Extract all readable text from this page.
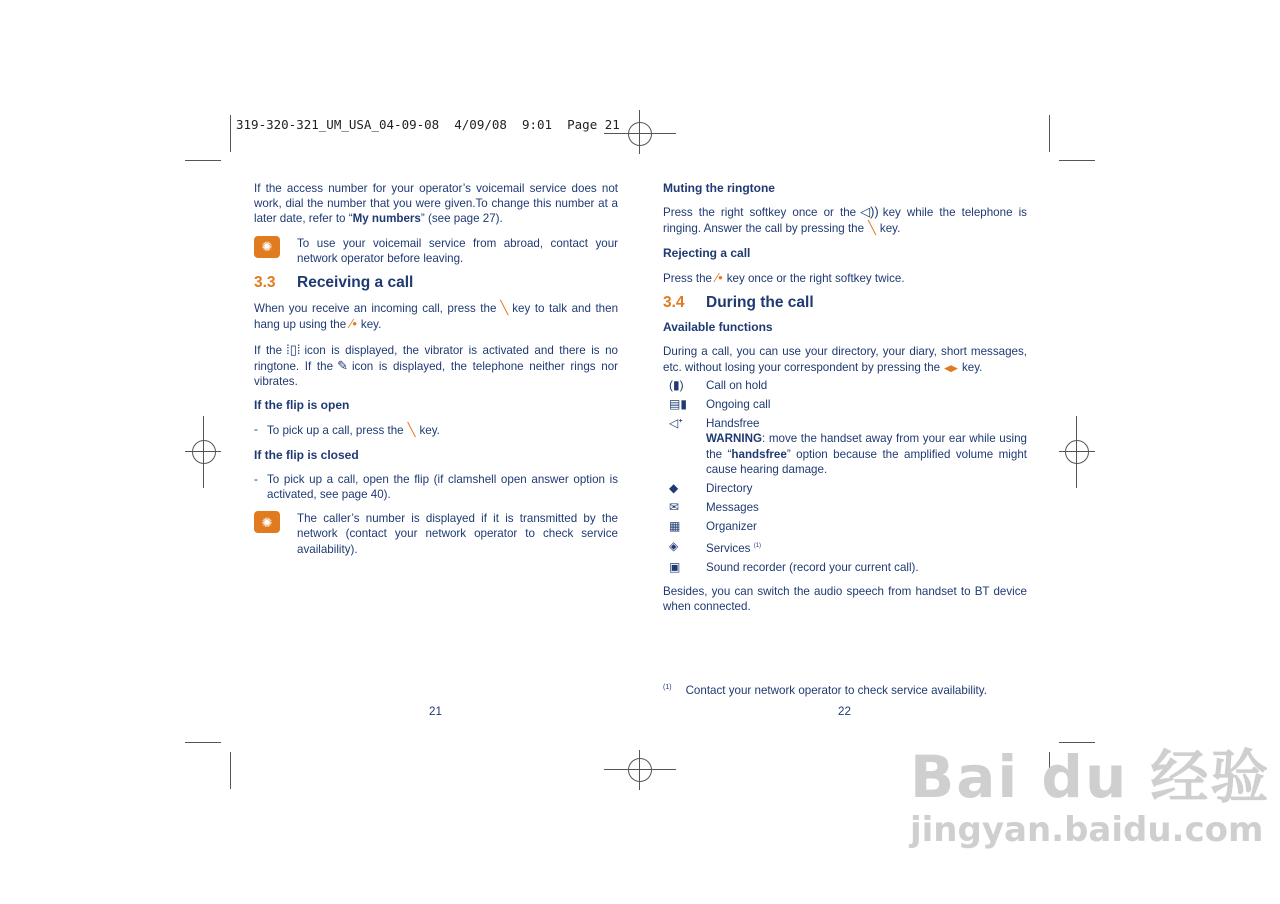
319-320-321_UM_USA_04-09-08  4/09/08  9:01  Page 21

If the access number for your operator’s voicemail service does not work, dial the number that you were given.To change this number at a later date, refer to “My numbers” (see page 27).

✺	To use your voicemail service from abroad, contact your network operator before leaving.

3.3	Receiving a call

When you receive an incoming call, press the ╲ key to talk and then hang up using the ⁄• key.

If the ⁞▯⁞ icon is displayed, the vibrator is activated and there is no ringtone. If the ✎ icon is displayed, the telephone neither rings nor vibrates.

If the flip is open
- To pick up a call, press the ╲ key.
If the flip is closed
- To pick up a call, open the flip (if clamshell open answer option is activated, see page 40).
✺	The caller’s number is displayed if it is transmitted by the network (contact your network operator to check service availability).

Muting the ringtone

Press the right softkey once or the ◁)) key while the telephone is ringing. Answer the call by pressing the ╲ key.

Rejecting a call

Press the ⁄• key once or the right softkey twice.

3.4	During the call
Available functions

During a call, you can use your directory, your diary, short messages, etc. without losing your correspondent by pressing the ◀▶ key.

(▮)	Call on hold
▤▮	Ongoing call
◁ᐩ	Handsfree
WARNING: move the handset away from your ear while using the “handsfree” option because the amplified volume might cause hearing damage.
◆	Directory
✉	Messages
▦	Organizer
◈	Services $^{(1)}$
▣	Sound recorder (record your current call).

Besides, you can switch the audio speech from handset to BT device when connected.

$^{(1)}$ Contact your network operator to check service availability.
21	22
Bai du 经验
jingyan.baidu.com
